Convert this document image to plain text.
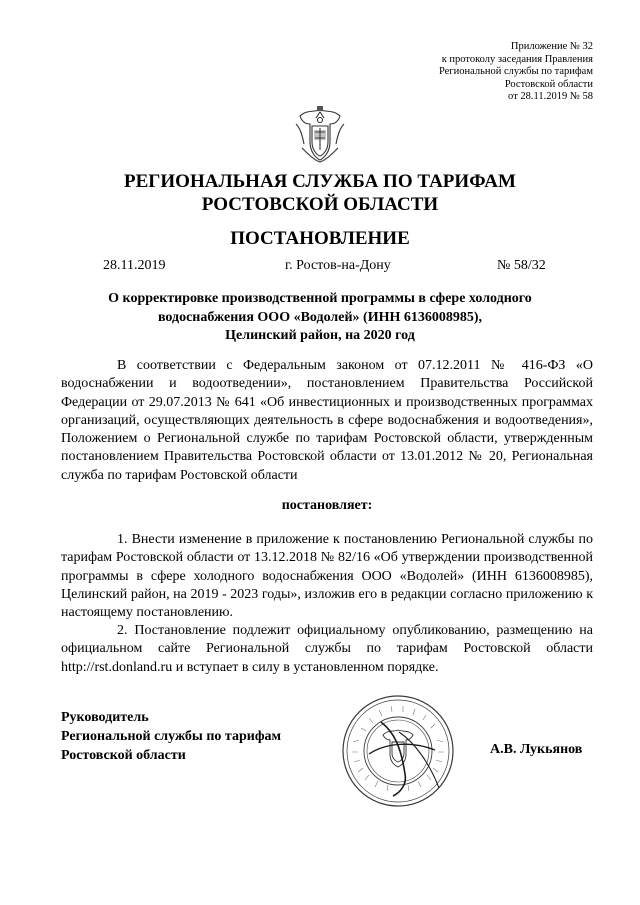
Приложение № 32
к протоколу заседания Правления
Региональной службы по тарифам
Ростовской области
от 28.11.2019 № 58
РЕГИОНАЛЬНАЯ СЛУЖБА ПО ТАРИФАМ
РОСТОВСКОЙ ОБЛАСТИ
ПОСТАНОВЛЕНИЕ
28.11.2019	г. Ростов-на-Дону	№ 58/32
О корректировке производственной программы в сфере холодного
водоснабжения ООО «Водолей» (ИНН 6136008985),
Целинский район, на 2020 год
В соответствии с Федеральным законом от 07.12.2011 № 416-ФЗ «О водоснабжении и водоотведении», постановлением Правительства Российской Федерации от 29.07.2013 № 641 «Об инвестиционных и производственных программах организаций, осуществляющих деятельность в сфере водоснабжения и водоотведения», Положением о Региональной службе по тарифам Ростовской области, утвержденным постановлением Правительства Ростовской области от 13.01.2012 № 20, Региональная служба по тарифам Ростовской области
постановляет:
1. Внести изменение в приложение к постановлению Региональной службы по тарифам Ростовской области от 13.12.2018 № 82/16 «Об утверждении производственной программы в сфере холодного водоснабжения ООО «Водолей» (ИНН 6136008985), Целинский район, на 2019 - 2023 годы», изложив его в редакции согласно приложению к настоящему постановлению.
2. Постановление подлежит официальному опубликованию, размещению на официальном сайте Региональной службы по тарифам Ростовской области http://rst.donland.ru и вступает в силу в установленном порядке.
Руководитель
Региональной службы по тарифам
Ростовской области	А.В. Лукьянов
